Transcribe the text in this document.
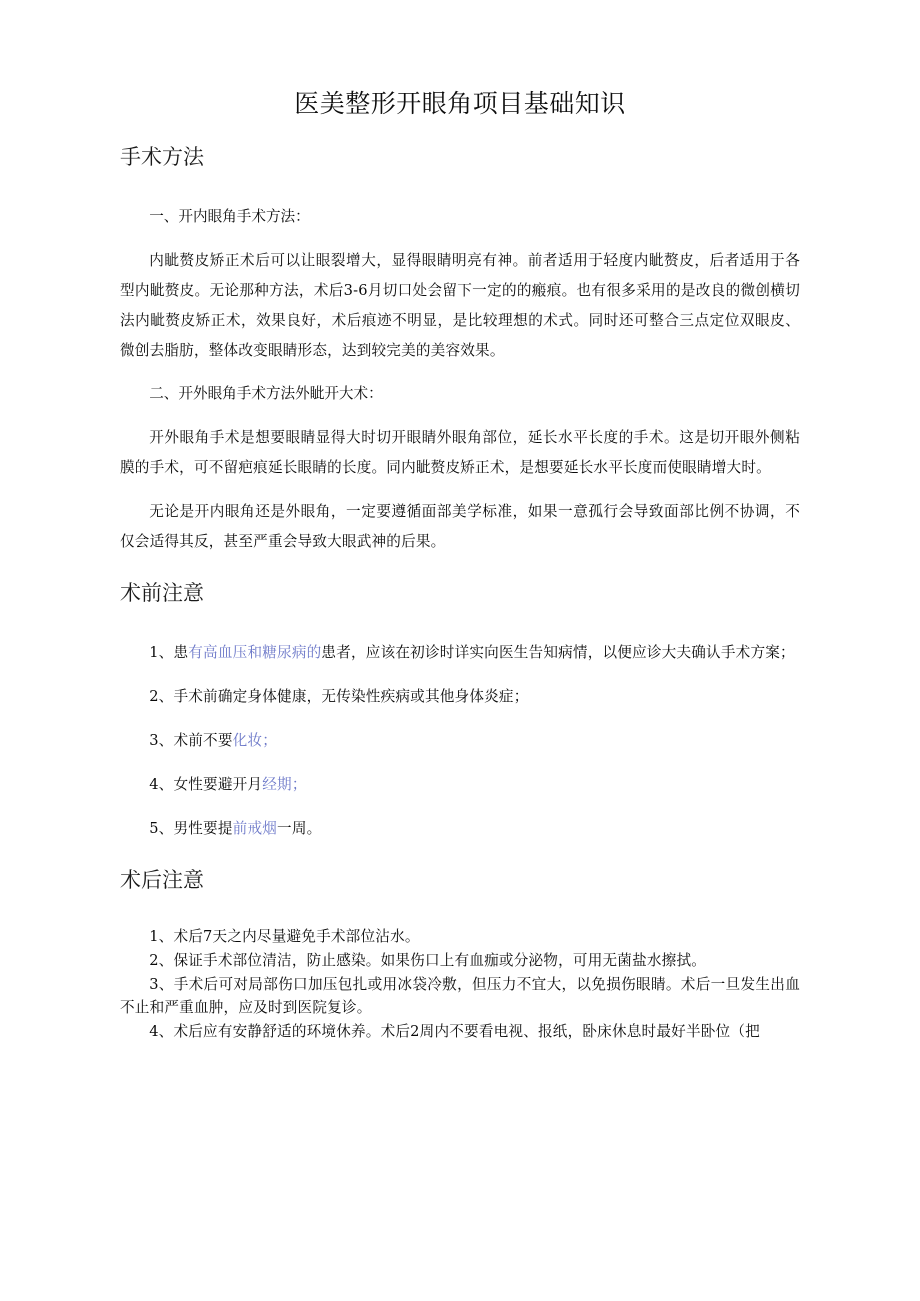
医美整形开眼角项目基础知识
手术方法

一、开内眼角手术方法：

内眦赘皮矫正术后可以让眼裂增大，显得眼睛明亮有神。前者适用于轻度内眦赘皮，后者适用于各型内眦赘皮。无论那种方法，术后3-6月切口处会留下一定的的瘢痕。也有很多采用的是改良的微创横切法内眦赘皮矫正术，效果良好，术后痕迹不明显，是比较理想的术式。同时还可整合三点定位双眼皮、微创去脂肪，整体改变眼睛形态，达到较完美的美容效果。

二、开外眼角手术方法外眦开大术：

开外眼角手术是想要眼睛显得大时切开眼睛外眼角部位，延长水平长度的手术。这是切开眼外侧粘膜的手术，可不留疤痕延长眼睛的长度。同内眦赘皮矫正术，是想要延长水平长度而使眼睛增大时。

无论是开内眼角还是外眼角，一定要遵循面部美学标准，如果一意孤行会导致面部比例不协调，不仅会适得其反，甚至严重会导致大眼武神的后果。

术前注意

1、患有高血压和糖尿病的患者，应该在初诊时详实向医生告知病情，以便应诊大夫确认手术方案；

2、手术前确定身体健康，无传染性疾病或其他身体炎症；

3、术前不要化妆；

4、女性要避开月经期；

5、男性要提前戒烟一周。

术后注意

1、术后7天之内尽量避免手术部位沾水。

2、保证手术部位清洁，防止感染。如果伤口上有血痂或分泌物，可用无菌盐水擦拭。

3、手术后可对局部伤口加压包扎或用冰袋冷敷，但压力不宜大，以免损伤眼睛。术后一旦发生出血不止和严重血肿，应及时到医院复诊。

4、术后应有安静舒适的环境休养。术后2周内不要看电视、报纸，卧床休息时最好半卧位（把
